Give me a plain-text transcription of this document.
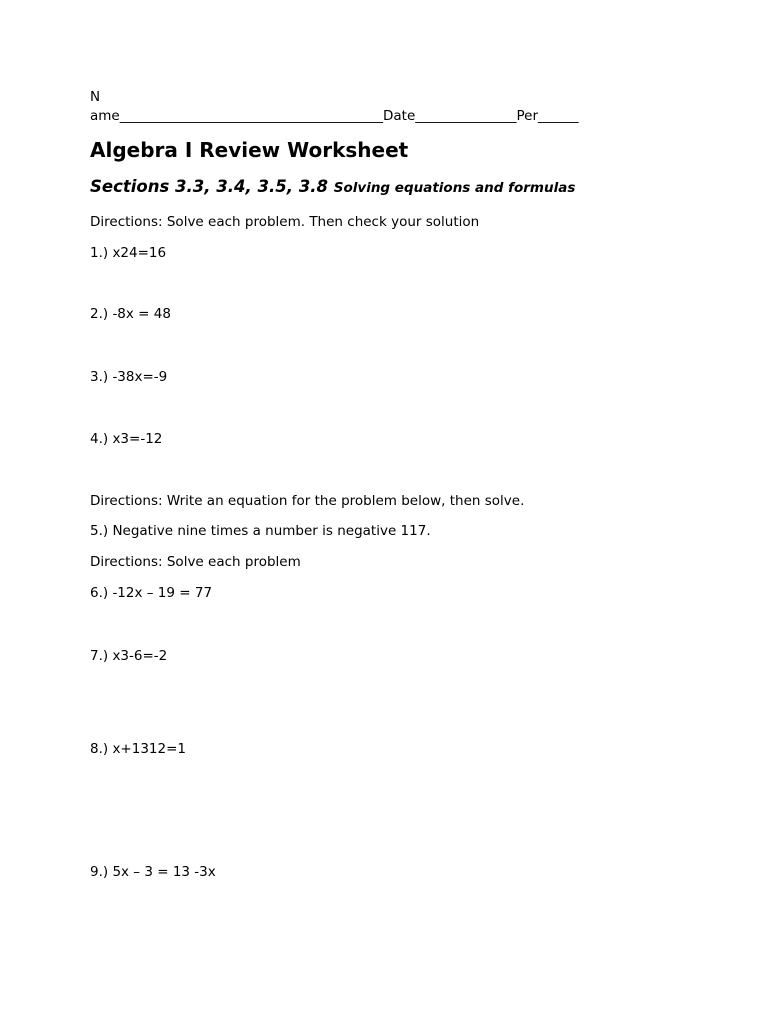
N
ame_______________________________________Date_______________Per______
Algebra I Review Worksheet
Sections 3.3, 3.4, 3.5, 3.8 Solving equations and formulas
Directions: Solve each problem. Then check your solution
1.) x24=16
2.) -8x = 48
3.) -38x=-9
4.) x3=-12
Directions: Write an equation for the problem below, then solve.
5.) Negative nine times a number is negative 117.
Directions: Solve each problem
6.) -12x – 19 = 77
7.) x3-6=-2
8.) x+1312=1
9.) 5x – 3 = 13 -3x
